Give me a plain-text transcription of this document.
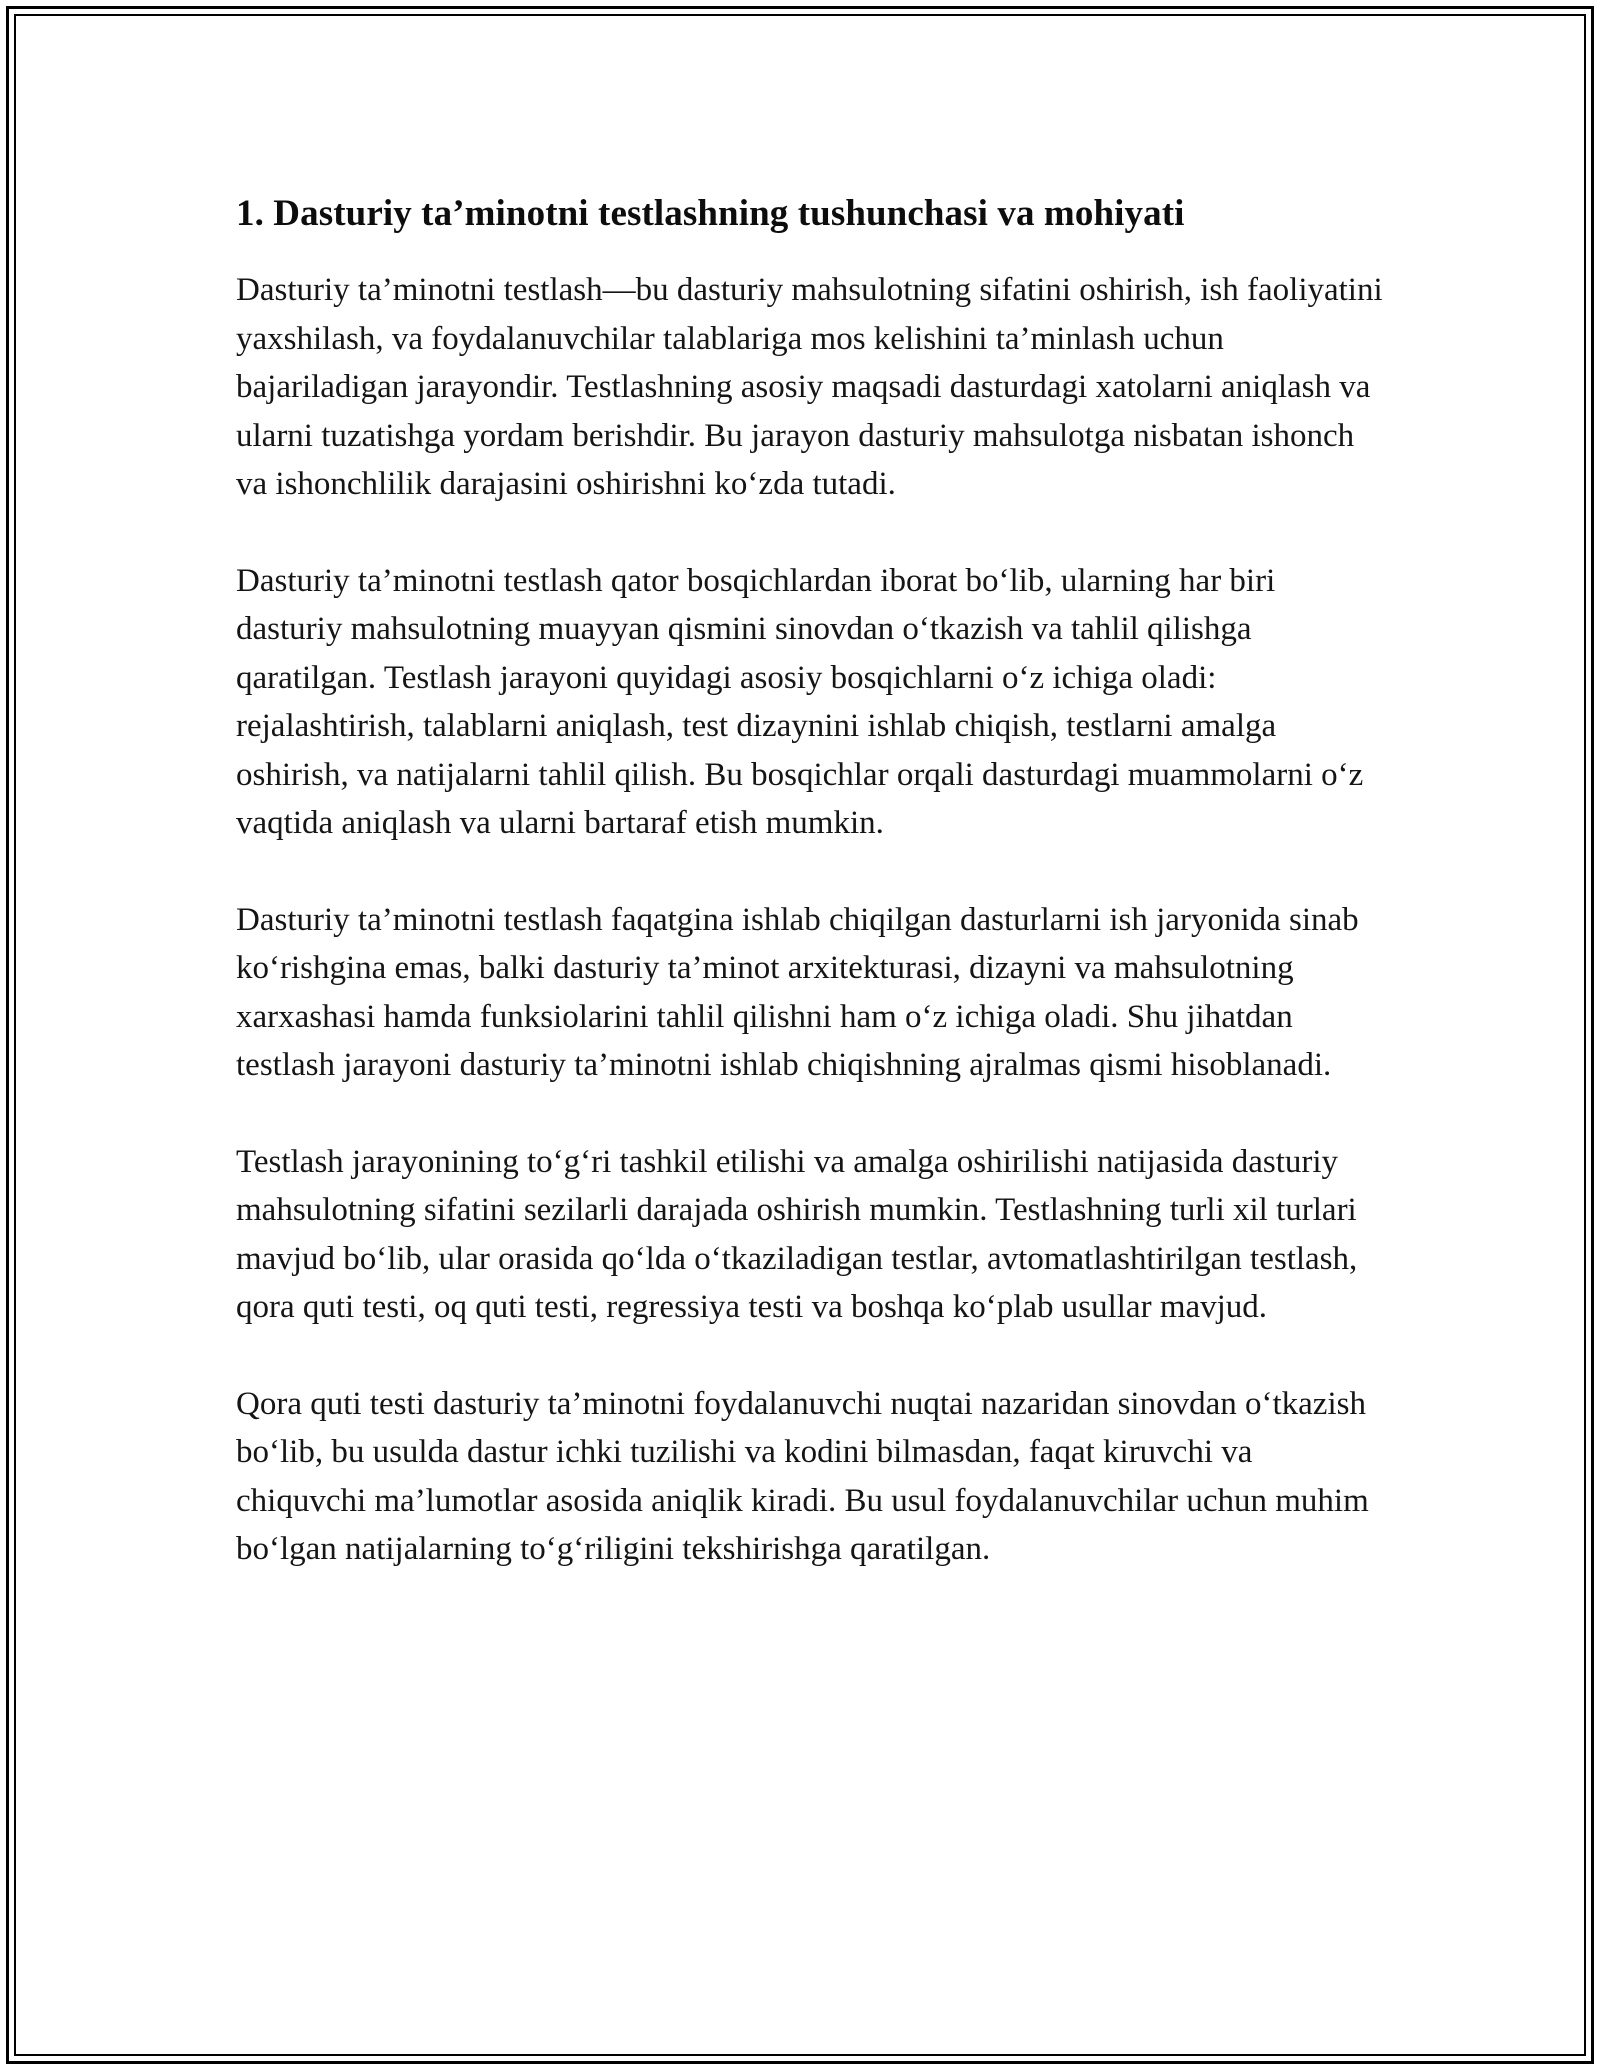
1. Dasturiy ta’minotni testlashning tushunchasi va mohiyati

Dasturiy ta’minotni testlash—bu dasturiy mahsulotning sifatini oshirish, ish faoliyatini yaxshilash, va foydalanuvchilar talablariga mos kelishini ta’minlash uchun bajariladigan jarayondir. Testlashning asosiy maqsadi dasturdagi xatolarni aniqlash va ularni tuzatishga yordam berishdir. Bu jarayon dasturiy mahsulotga nisbatan ishonch va ishonchlilik darajasini oshirishni ko‘zda tutadi.

Dasturiy ta’minotni testlash qator bosqichlardan iborat bo‘lib, ularning har biri dasturiy mahsulotning muayyan qismini sinovdan o‘tkazish va tahlil qilishga qaratilgan. Testlash jarayoni quyidagi asosiy bosqichlarni o‘z ichiga oladi: rejalashtirish, talablarni aniqlash, test dizaynini ishlab chiqish, testlarni amalga oshirish, va natijalarni tahlil qilish. Bu bosqichlar orqali dasturdagi muammolarni o‘z vaqtida aniqlash va ularni bartaraf etish mumkin.

Dasturiy ta’minotni testlash faqatgina ishlab chiqilgan dasturlarni ish jaryonida sinab ko‘rishgina emas, balki dasturiy ta’minot arxitekturasi, dizayni va mahsulotning xarxashasi hamda funksiolarini tahlil qilishni ham o‘z ichiga oladi. Shu jihatdan testlash jarayoni dasturiy ta’minotni ishlab chiqishning ajralmas qismi hisoblanadi.

Testlash jarayonining to‘g‘ri tashkil etilishi va amalga oshirilishi natijasida dasturiy mahsulotning sifatini sezilarli darajada oshirish mumkin. Testlashning turli xil turlari mavjud bo‘lib, ular orasida qo‘lda o‘tkaziladigan testlar, avtomatlashtirilgan testlash, qora quti testi, oq quti testi, regressiya testi va boshqa ko‘plab usullar mavjud.

Qora quti testi dasturiy ta’minotni foydalanuvchi nuqtai nazaridan sinovdan o‘tkazish bo‘lib, bu usulda dastur ichki tuzilishi va kodini bilmasdan, faqat kiruvchi va chiquvchi ma’lumotlar asosida aniqlik kiradi. Bu usul foydalanuvchilar uchun muhim bo‘lgan natijalarning to‘g‘riligini tekshirishga qaratilgan.
